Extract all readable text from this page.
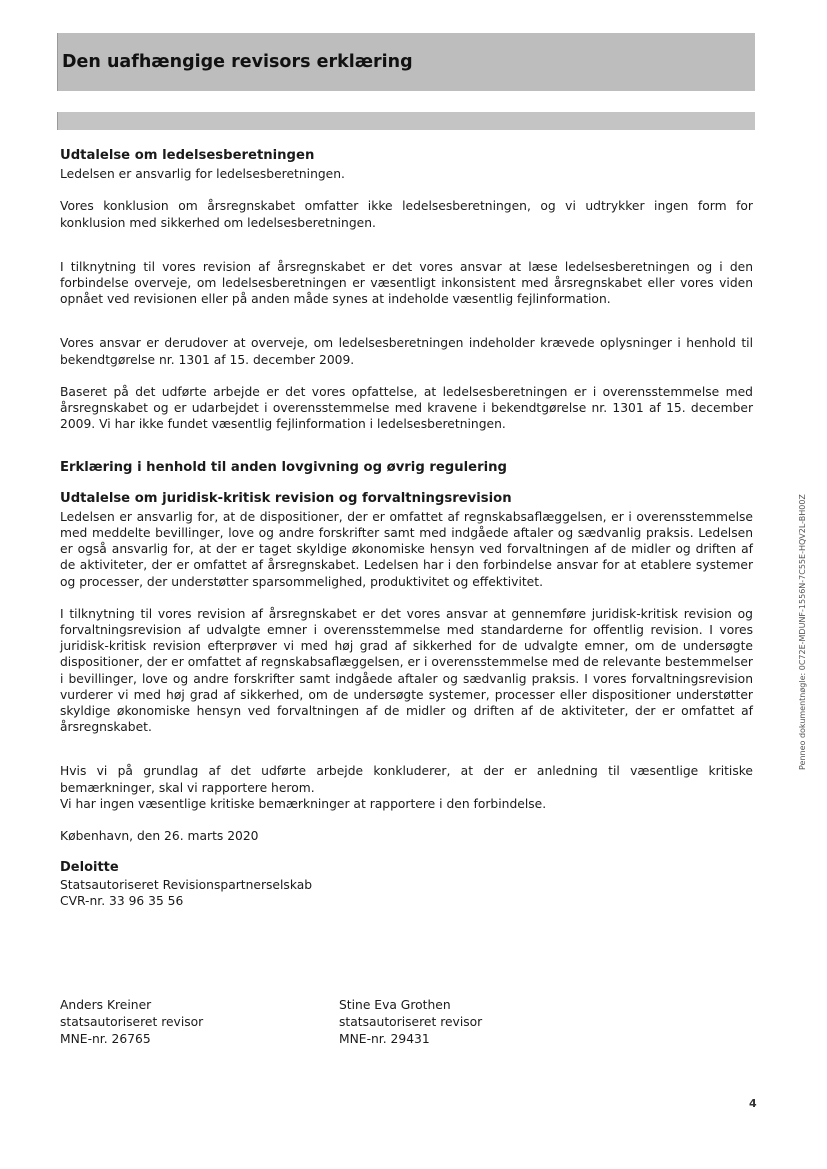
Den uafhængige revisors erklæring
Udtalelse om ledelsesberetningen

Ledelsen er ansvarlig for ledelsesberetningen.

Vores konklusion om årsregnskabet omfatter ikke ledelsesberetningen, og vi udtrykker ingen form for konklusion med sikkerhed om ledelsesberetningen.

I tilknytning til vores revision af årsregnskabet er det vores ansvar at læse ledelsesberetningen og i den forbindelse overveje, om ledelsesberetningen er væsentligt inkonsistent med årsregnskabet eller vores viden opnået ved revisionen eller på anden måde synes at indeholde væsentlig fejlinformation.

Vores ansvar er derudover at overveje, om ledelsesberetningen indeholder krævede oplysninger i henhold til bekendtgørelse nr. 1301 af 15. december 2009.

Baseret på det udførte arbejde er det vores opfattelse, at ledelsesberetningen er i overensstemmelse med årsregnskabet og er udarbejdet i overensstemmelse med kravene i bekendtgørelse nr. 1301 af 15. december 2009. Vi har ikke fundet væsentlig fejlinformation i ledelsesberetningen.

Erklæring i henhold til anden lovgivning og øvrig regulering
Udtalelse om juridisk-kritisk revision og forvaltningsrevision

Ledelsen er ansvarlig for, at de dispositioner, der er omfattet af regnskabsaflæggelsen, er i overensstemmelse med meddelte bevillinger, love og andre forskrifter samt med indgåede aftaler og sædvanlig praksis. Ledelsen er også ansvarlig for, at der er taget skyldige økonomiske hensyn ved forvaltningen af de midler og driften af de aktiviteter, der er omfattet af årsregnskabet. Ledelsen har i den forbindelse ansvar for at etablere systemer og processer, der understøtter sparsommelighed, produktivitet og effektivitet.

I tilknytning til vores revision af årsregnskabet er det vores ansvar at gennemføre juridisk-kritisk revision og forvaltningsrevision af udvalgte emner i overensstemmelse med standarderne for offentlig revision. I vores juridisk-kritisk revision efterprøver vi med høj grad af sikkerhed for de udvalgte emner, om de undersøgte dispositioner, der er omfattet af regnskabsaflæggelsen, er i overensstemmelse med de relevante bestemmelser i bevillinger, love og andre forskrifter samt indgåede aftaler og sædvanlig praksis. I vores forvaltningsrevision vurderer vi med høj grad af sikkerhed, om de undersøgte systemer, processer eller dispositioner understøtter skyldige økonomiske hensyn ved forvaltningen af de midler og driften af de aktiviteter, der er omfattet af årsregnskabet.

Hvis vi på grundlag af det udførte arbejde konkluderer, at der er anledning til væsentlige kritiske bemærkninger, skal vi rapportere herom.

Vi har ingen væsentlige kritiske bemærkninger at rapportere i den forbindelse.

København, den 26. marts 2020

Deloitte

Statsautoriseret Revisionspartnerselskab

CVR-nr. 33 96 35 56

Anders Kreiner
statsautoriseret revisor
MNE-nr. 26765
Stine Eva Grothen
statsautoriseret revisor
MNE-nr. 29431
Penneo dokumentnøgle: 0C72E-MDUNF-1556N-7C55E-HQV2L-BH00Z
4
